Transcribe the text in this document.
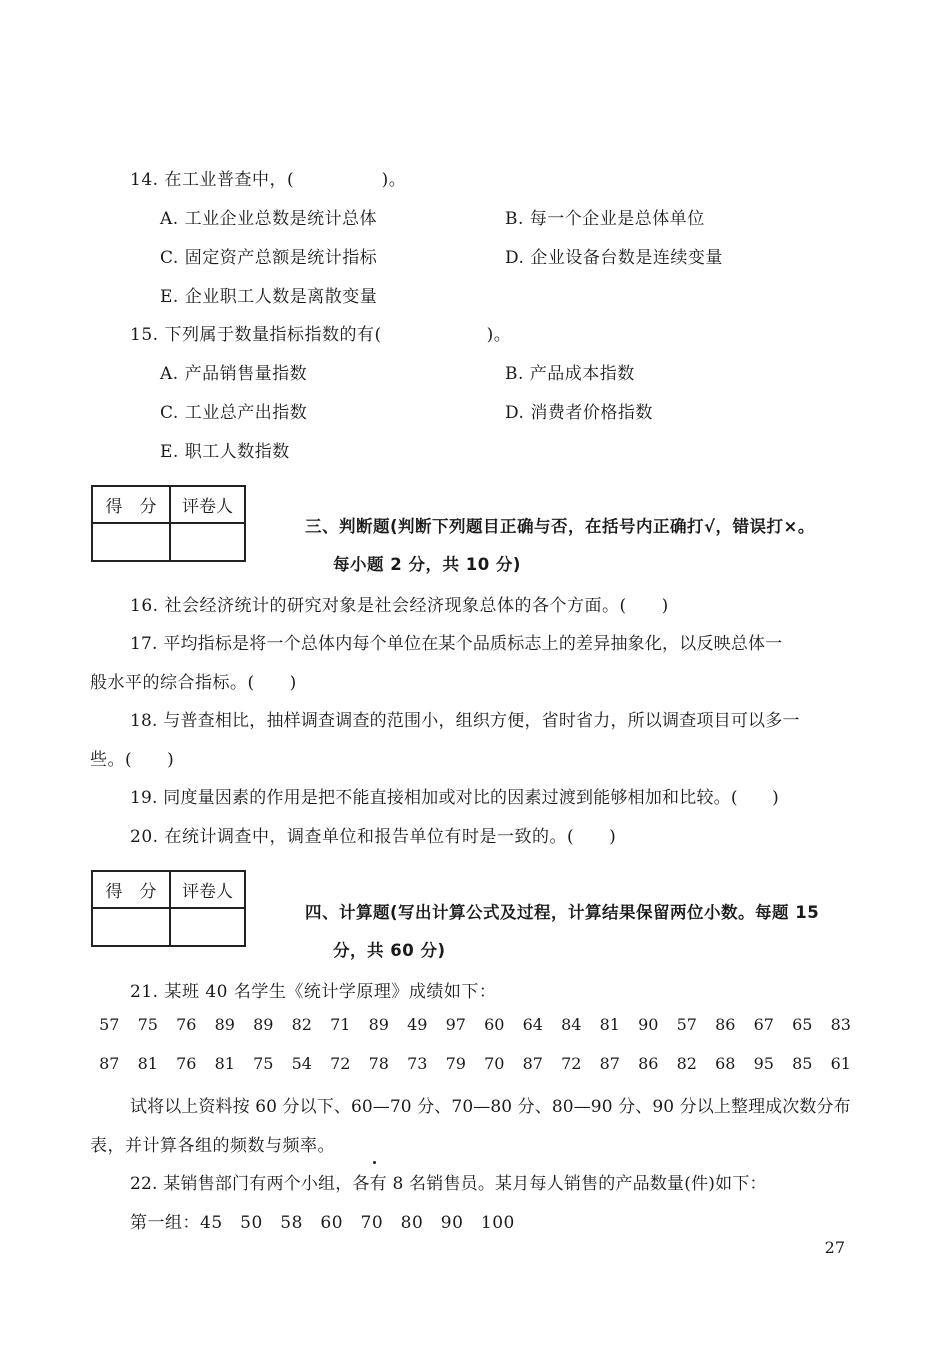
14. 在工业普查中，(　　　　　)。
A. 工业企业总数是统计总体	B. 每一个企业是总体单位
C. 固定资产总额是统计指标	D. 企业设备台数是连续变量
E. 企业职工人数是离散变量
15. 下列属于数量指标指数的有(　　　　　　)。
A. 产品销售量指数	B. 产品成本指数
C. 工业总产出指数	D. 消费者价格指数
E. 职工人数指数
得　分	评卷人

三、判断题(判断下列题目正确与否，在括号内正确打√，错误打×。
每小题 2 分，共 10 分)
16. 社会经济统计的研究对象是社会经济现象总体的各个方面。(　　)
17. 平均指标是将一个总体内每个单位在某个品质标志上的差异抽象化，以反映总体一
般水平的综合指标。(　　)
18. 与普查相比，抽样调查调查的范围小，组织方便，省时省力，所以调查项目可以多一
些。(　　)
19. 同度量因素的作用是把不能直接相加或对比的因素过渡到能够相加和比较。(　　)
20. 在统计调查中，调查单位和报告单位有时是一致的。(　　)
得　分	评卷人

四、计算题(写出计算公式及过程，计算结果保留两位小数。每题 15
分，共 60 分)
21. 某班 40 名学生《统计学原理》成绩如下：
57	75	76	89	89	82	71	89	49	97	60	64	84	81	90	57	86	67	65	83
87	81	76	81	75	54	72	78	73	79	70	87	72	87	86	82	68	95	85	61
试将以上资料按 60 分以下、60—70 分、70—80 分、80—90 分、90 分以上整理成次数分布
表，并计算各组的频数与频率。
22. 某销售部门有两个小组，各有 8 名销售员。某月每人销售的产品数量(件)如下：
第一组：45　50　58　60　70　80　90　100
27
